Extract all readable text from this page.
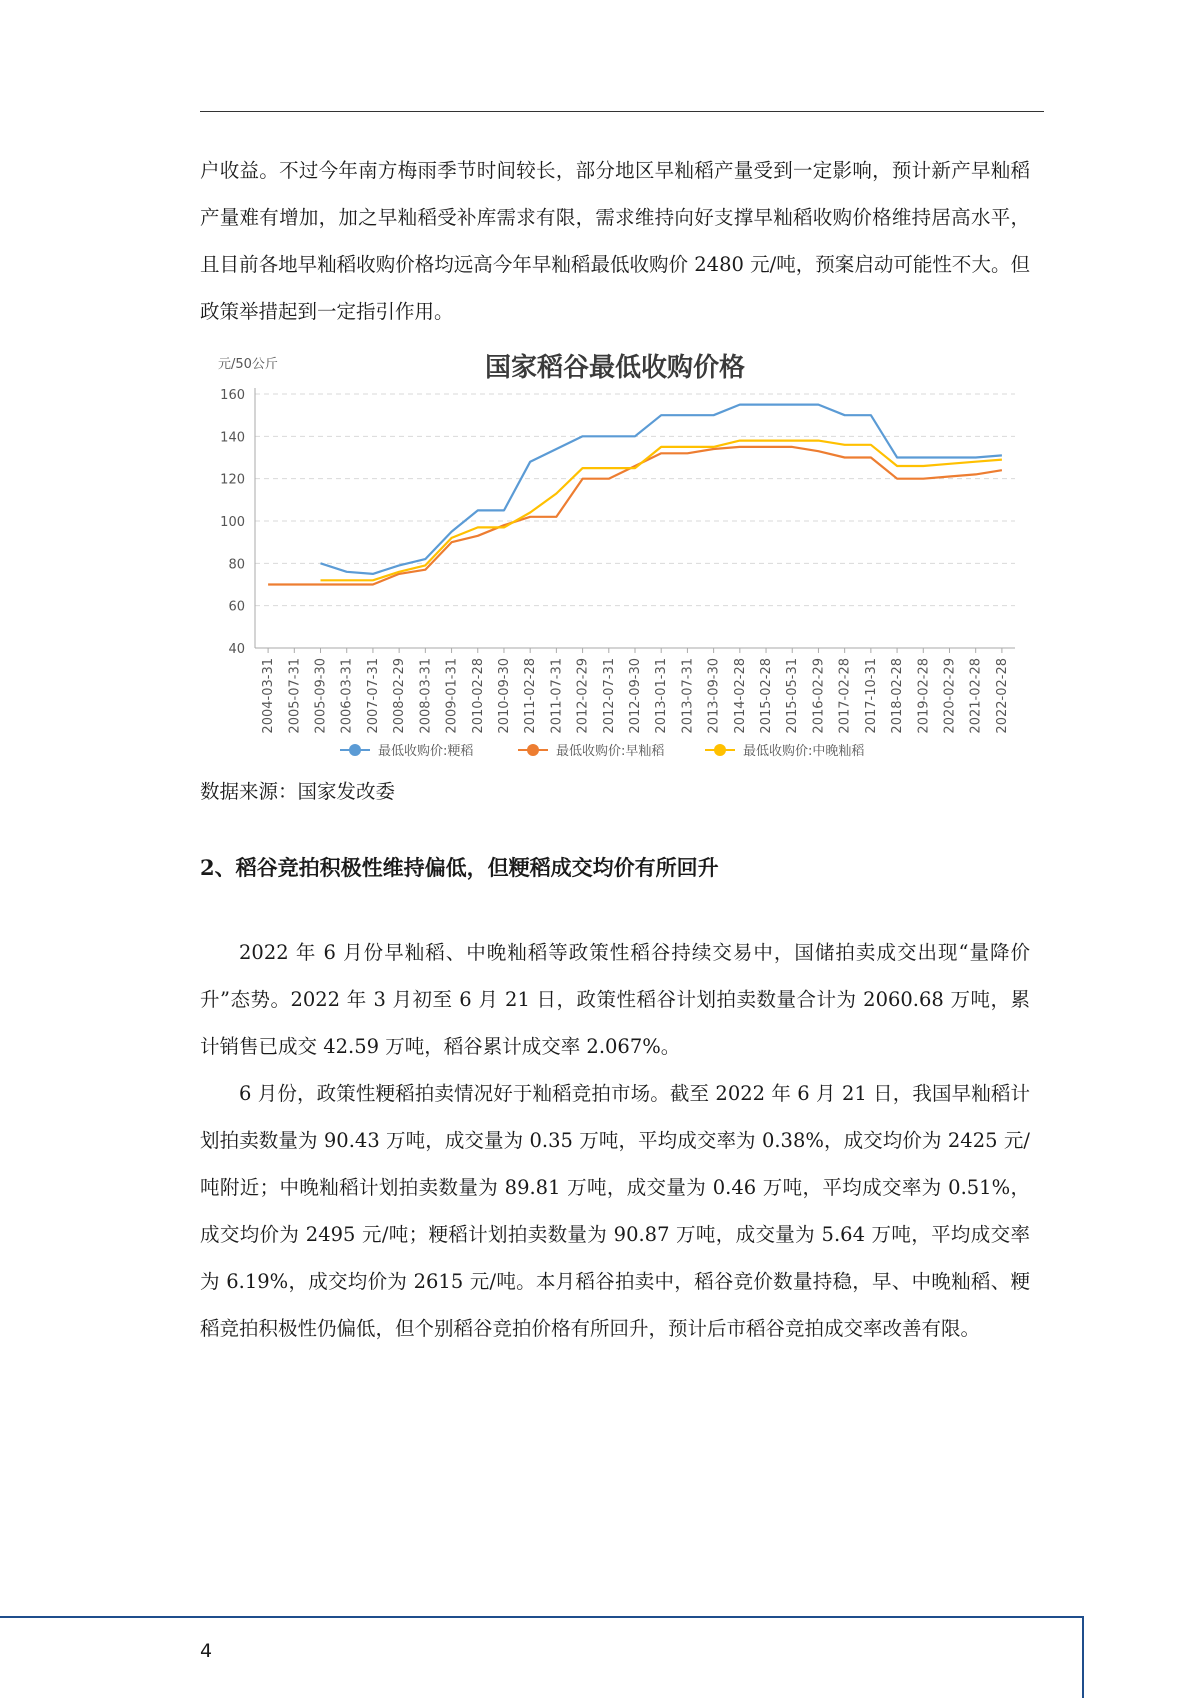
户收益。不过今年南方梅雨季节时间较长，部分地区早籼稻产量受到一定影响，预计新产早籼稻产量难有增加，加之早籼稻受补库需求有限，需求维持向好支撑早籼稻收购价格维持居高水平，且目前各地早籼稻收购价格均远高今年早籼稻最低收购价 2480 元/吨，预案启动可能性不大。但政策举措起到一定指引作用。

国家稻谷最低收购价格
元/50公斤
40
60
80
100
120
140
160
2004-03-31 2005-07-31 2005-09-30 2006-03-31 2007-07-31 2008-02-29 2008-03-31 2009-01-31 2010-02-28 2010-09-30 2011-02-28 2011-07-31 2012-02-29 2012-07-31 2012-09-30 2013-01-31 2013-07-31 2013-09-30 2014-02-28 2015-02-28 2015-05-31 2016-02-29 2017-02-28 2017-10-31 2018-02-28 2019-02-28 2020-02-29 2021-02-28 2022-02-28
最低收购价:粳稻	最低收购价:早籼稻	最低收购价:中晚籼稻

数据来源：国家发改委

2、稻谷竞拍积极性维持偏低，但粳稻成交均价有所回升

2022 年 6 月份早籼稻、中晚籼稻等政策性稻谷持续交易中，国储拍卖成交出现“量降价升”态势。2022 年 3 月初至 6 月 21 日，政策性稻谷计划拍卖数量合计为 2060.68 万吨，累计销售已成交 42.59 万吨，稻谷累计成交率 2.067%。

6 月份，政策性粳稻拍卖情况好于籼稻竞拍市场。截至 2022 年 6 月 21 日，我国早籼稻计划拍卖数量为 90.43 万吨，成交量为 0.35 万吨，平均成交率为 0.38%，成交均价为 2425 元/吨附近；中晚籼稻计划拍卖数量为 89.81 万吨，成交量为 0.46 万吨，平均成交率为 0.51%，成交均价为 2495 元/吨；粳稻计划拍卖数量为 90.87 万吨，成交量为 5.64 万吨，平均成交率为 6.19%，成交均价为 2615 元/吨。本月稻谷拍卖中，稻谷竞价数量持稳，早、中晚籼稻、粳稻竞拍积极性仍偏低，但个别稻谷竞拍价格有所回升，预计后市稻谷竞拍成交率改善有限。

4
